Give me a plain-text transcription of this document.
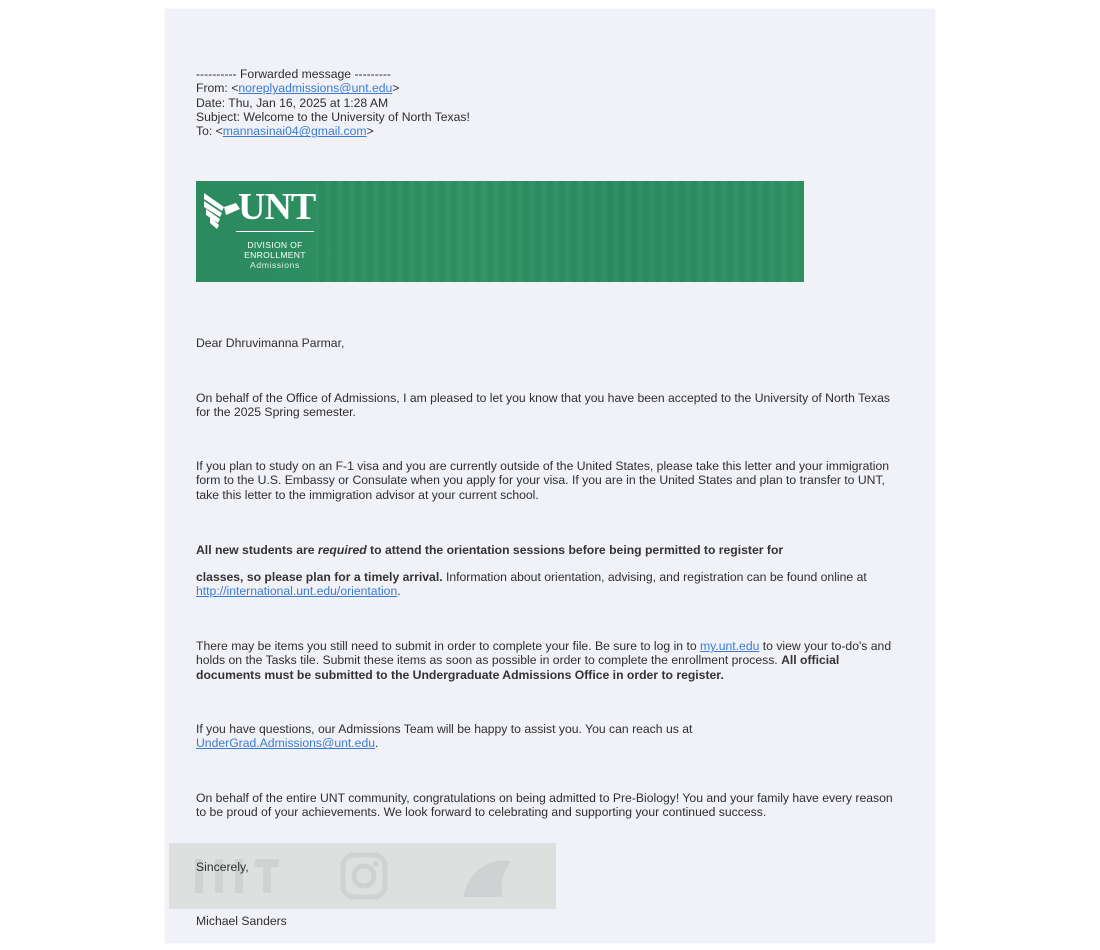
---------- Forwarded message ---------
From: <noreplyadmissions@unt.edu>
Date: Thu, Jan 16, 2025 at 1:28 AM
Subject: Welcome to the University of North Texas!
To: <mannasinai04@gmail.com>
UNT
DIVISION OF
ENROLLMENT
Admissions
Dear Dhruvimanna Parmar,
On behalf of the Office of Admissions, I am pleased to let you know that you have been accepted to the University of North Texas for the 2025 Spring semester.
If you plan to study on an F-1 visa and you are currently outside of the United States, please take this letter and your immigration form to the U.S. Embassy or Consulate when you apply for your visa. If you are in the United States and plan to transfer to UNT, take this letter to the immigration advisor at your current school.
All new students are required to attend the orientation sessions before being permitted to register for
classes, so please plan for a timely arrival. Information about orientation, advising, and registration can be found online at
http://international.unt.edu/orientation.
There may be items you still need to submit in order to complete your file. Be sure to log in to my.unt.edu to view your to-do's and holds on the Tasks tile. Submit these items as soon as possible in order to complete the enrollment process. All official documents must be submitted to the Undergraduate Admissions Office in order to register.
If you have questions, our Admissions Team will be happy to assist you. You can reach us at
UnderGrad.Admissions@unt.edu.
On behalf of the entire UNT community, congratulations on being admitted to Pre-Biology! You and your family have every reason to be proud of your achievements. We look forward to celebrating and supporting your continued success.
Sincerely,
Michael Sanders
